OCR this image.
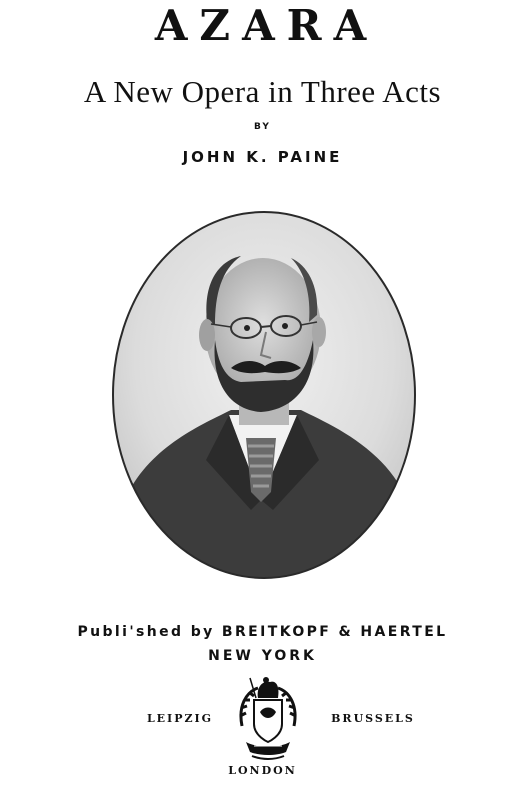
AZARA
A New Opera in Three Acts
BY
JOHN K. PAINE
Publi'shed by BREITKOPF & HAERTEL
NEW YORK
LEIPZIG	BRUSSELS
LONDON
